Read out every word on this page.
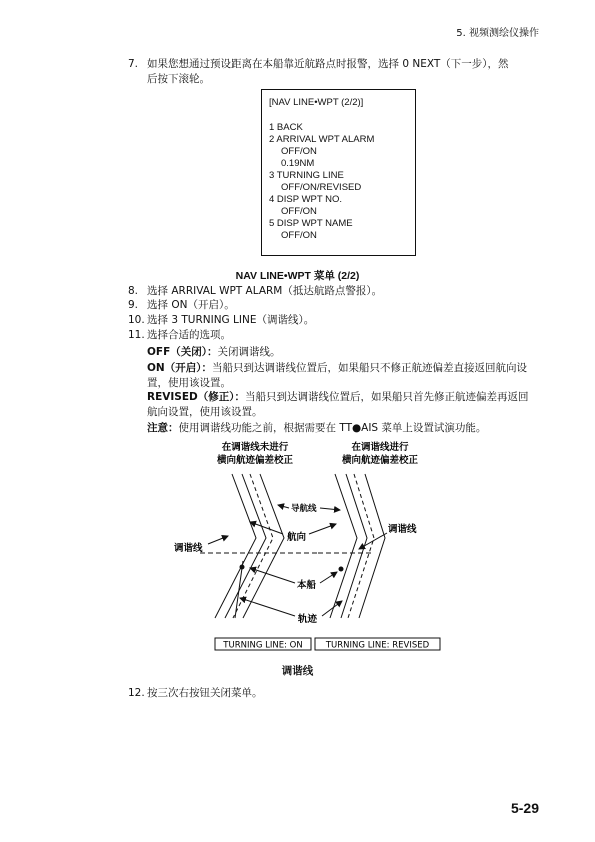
5. 视频测绘仪操作
7. 如果您想通过预设距离在本船靠近航路点时报警，选择 0 NEXT（下一步），然
后按下滚轮。
[NAV LINE•WPT (2/2)]
1 BACK
2 ARRIVAL WPT ALARM
OFF/ON
0.19NM
3 TURNING LINE
OFF/ON/REVISED
4 DISP WPT NO.
OFF/ON
5 DISP WPT NAME
OFF/ON
NAV LINE•WPT 菜单 (2/2)
8. 选择 ARRIVAL WPT ALARM（抵达航路点警报）。
9. 选择 ON（开启）。
10. 选择 3 TURNING LINE（调谐线）。
11. 选择合适的选项。
OFF（关闭）：关闭调谐线。
ON（开启）：当船只到达调谐线位置后，如果船只不修正航迹偏差直接返回航向设
置，使用该设置。
REVISED（修正）：当船只到达调谐线位置后，如果船只首先修正航迹偏差再返回
航向设置，使用该设置。
注意：使用调谐线功能之前，根据需要在 TT●AIS 菜单上设置试演功能。
在调谐线未进行
横向航迹偏差校正
在调谐线进行
横向航迹偏差校正
导航线
航向
调谐线
调谐线
本船
轨迹
TURNING LINE: ON	TURNING LINE: REVISED
调谐线
12. 按三次右按钮关闭菜单。
5-29
